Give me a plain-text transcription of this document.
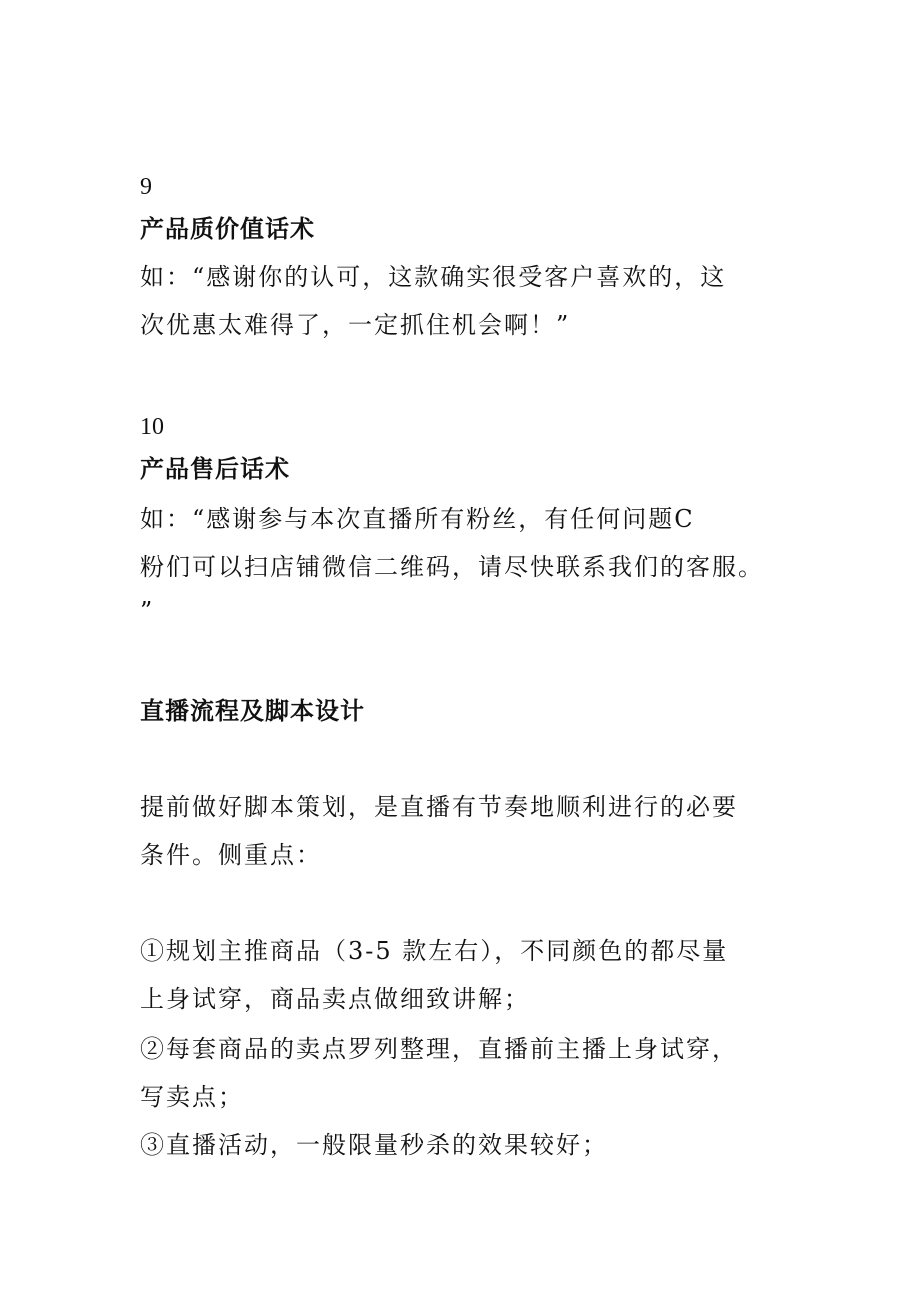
9
产品质价值话术
如：“感谢你的认可，这款确实很受客户喜欢的，这
次优惠太难得了，一定抓住机会啊！”
10
产品售后话术
如：“感谢参与本次直播所有粉丝，有任何问题C
粉们可以扫店铺微信二维码，请尽快联系我们的客服。
”
直播流程及脚本设计
提前做好脚本策划，是直播有节奏地顺利进行的必要
条件。侧重点：
①规划主推商品（3-5 款左右），不同颜色的都尽量
上身试穿，商品卖点做细致讲解；
②每套商品的卖点罗列整理，直播前主播上身试穿，
写卖点；
③直播活动，一般限量秒杀的效果较好；
